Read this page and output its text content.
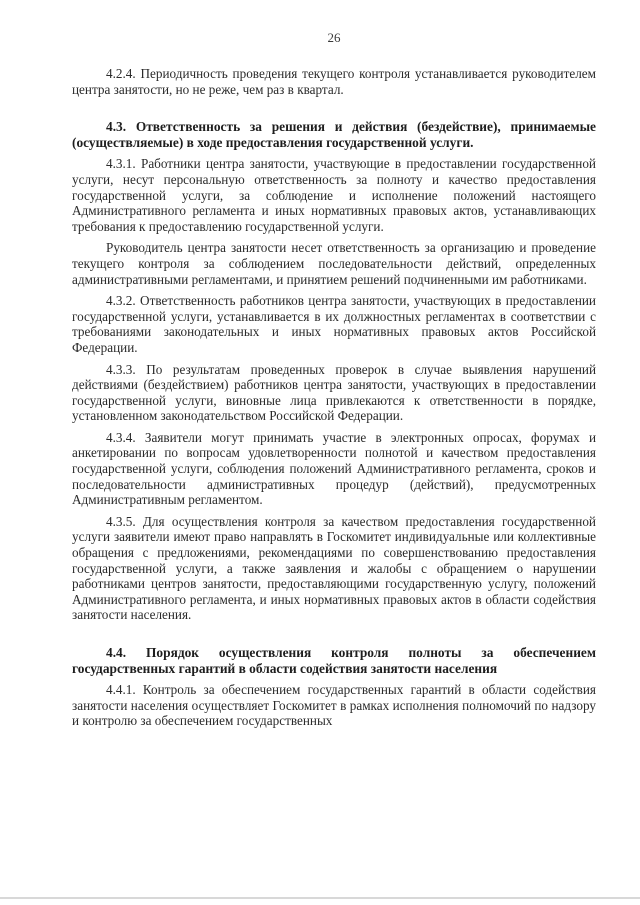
26

4.2.4. Периодичность проведения текущего контроля устанавливается руководителем центра занятости, но не реже, чем раз в квартал.

4.3. Ответственность за решения и действия (бездействие), принимаемые (осуществляемые) в ходе предоставления государственной услуги.

4.3.1. Работники центра занятости, участвующие в предоставлении государственной услуги, несут персональную ответственность за полноту и качество предоставления государственной услуги, за соблюдение и исполнение положений настоящего Административного регламента и иных нормативных правовых актов, устанавливающих требования к предоставлению государственной услуги.

Руководитель центра занятости несет ответственность за организацию и проведение текущего контроля за соблюдением последовательности действий, определенных административными регламентами, и принятием решений подчиненными им работниками.

4.3.2. Ответственность работников центра занятости, участвующих в предоставлении государственной услуги, устанавливается в их должностных регламентах в соответствии с требованиями законодательных и иных нормативных правовых актов Российской Федерации.

4.3.3. По результатам проведенных проверок в случае выявления нарушений действиями (бездействием) работников центра занятости, участвующих в предоставлении государственной услуги, виновные лица привлекаются к ответственности в порядке, установленном законодательством Российской Федерации.

4.3.4. Заявители могут принимать участие в электронных опросах, форумах и анкетировании по вопросам удовлетворенности полнотой и качеством предоставления государственной услуги, соблюдения положений Административного регламента, сроков и последовательности административных процедур (действий), предусмотренных Административным регламентом.

4.3.5. Для осуществления контроля за качеством предоставления государственной услуги заявители имеют право направлять в Госкомитет индивидуальные или коллективные обращения с предложениями, рекомендациями по совершенствованию предоставления государственной услуги, а также заявления и жалобы с обращением о нарушении работниками центров занятости, предоставляющими государственную услугу, положений Административного регламента, и иных нормативных правовых актов в области содействия занятости населения.

4.4. Порядок осуществления контроля полноты за обеспечением государственных гарантий в области содействия занятости населения

4.4.1. Контроль за обеспечением государственных гарантий в области содействия занятости населения осуществляет Госкомитет в рамках исполнения полномочий по надзору и контролю за обеспечением государственных
